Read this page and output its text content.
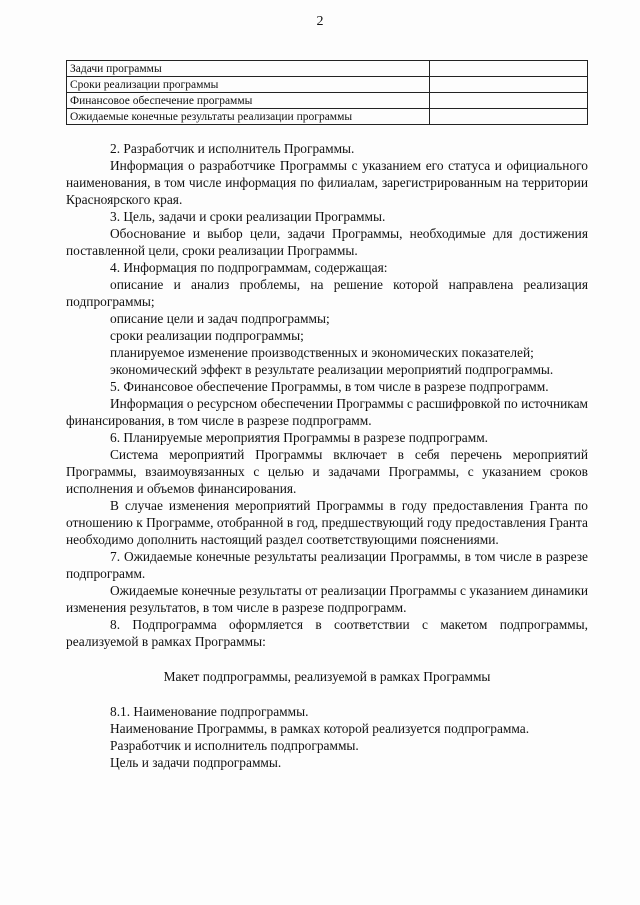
2
Задачи программы	
Сроки реализации программы	
Финансовое обеспечение программы	
Ожидаемые конечные результаты реализации программы	

2. Разработчик и исполнитель Программы.

Информация о разработчике Программы с указанием его статуса и официального наименования, в том числе информация по филиалам, зарегистрированным на территории Красноярского края.

3. Цель, задачи и сроки реализации Программы.

Обоснование и выбор цели, задачи Программы, необходимые для достижения поставленной цели, сроки реализации Программы.

4. Информация по подпрограммам, содержащая:

описание и анализ проблемы, на решение которой направлена реализация подпрограммы;

описание цели и задач подпрограммы;

сроки реализации подпрограммы;

планируемое изменение производственных и экономических показателей;

экономический эффект в результате реализации мероприятий подпрограммы.

5. Финансовое обеспечение Программы, в том числе в разрезе подпрограмм.

Информация о ресурсном обеспечении Программы с расшифровкой по источникам финансирования, в том числе в разрезе подпрограмм.

6. Планируемые мероприятия Программы в разрезе подпрограмм.

Система мероприятий Программы включает в себя перечень мероприятий Программы, взаимоувязанных с целью и задачами Программы, с указанием сроков исполнения и объемов финансирования.

В случае изменения мероприятий Программы в году предоставления Гранта по отношению к Программе, отобранной в год, предшествующий году предоставления Гранта необходимо дополнить настоящий раздел соответствующими пояснениями.

7. Ожидаемые конечные результаты реализации Программы, в том числе в разрезе подпрограмм.

Ожидаемые конечные результаты от реализации Программы с указанием динамики изменения результатов, в том числе в разрезе подпрограмм.

8. Подпрограмма оформляется в соответствии с макетом подпрограммы, реализуемой в рамках Программы:

Макет подпрограммы, реализуемой в рамках Программы

8.1. Наименование подпрограммы.

Наименование Программы, в рамках которой реализуется подпрограмма.

Разработчик и исполнитель подпрограммы.

Цель и задачи подпрограммы.
